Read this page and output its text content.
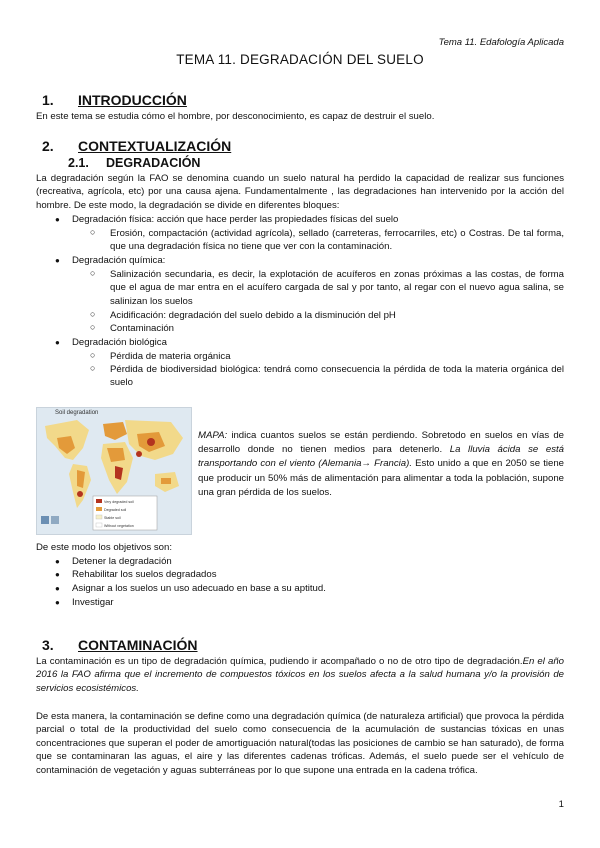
Tema 11. Edafología Aplicada
TEMA 11. DEGRADACIÓN DEL SUELO
1. INTRODUCCIÓN
En este tema se estudia cómo el hombre, por desconocimiento, es capaz de destruir el suelo.
2. CONTEXTUALIZACIÓN
2.1. DEGRADACIÓN
La degradación según la FAO se denomina cuando un suelo natural ha perdido la capacidad de realizar sus funciones (recreativa, agrícola, etc) por una causa ajena. Fundamentalmente , las degradaciones han intervenido por la acción del hombre. De este modo, la degradación se divide en diferentes bloques:
● Degradación física: acción que hace perder las propiedades físicas del suelo
○ Erosión, compactación (actividad agrícola), sellado (carreteras, ferrocarriles, etc) o Costras. De tal forma, que una degradación física no tiene que ver con la contaminación.
● Degradación química:
○ Salinización secundaria, es decir, la explotación de acuíferos en zonas próximas a las costas, de forma que el agua de mar entra en el acuífero cargada de sal y por tanto, al regar con el nuevo agua salina, se salinizan los suelos
○ Acidificación: degradación del suelo debido a la disminución del pH
○ Contaminación
● Degradación biológica
○ Pérdida de materia orgánica
○ Pérdida de biodiversidad biológica: tendrá como consecuencia la pérdida de toda la materia orgánica del suelo
Very degraded soil
Degraded soil
Stable soil
Without vegetation
Soil degradation
MAPA: indica cuantos suelos se están perdiendo. Sobretodo en suelos en vías de desarrollo donde no tienen medios para detenerlo. La lluvia ácida se está transportando con el viento (Alemania→ Francia). Esto unido a que en 2050 se tiene que producir un 50% más de alimentación para alimentar a toda la población, supone una gran pérdida de los suelos.
De este modo los objetivos son:
● Detener la degradación
● Rehabilitar los suelos degradados
● Asignar a los suelos un uso adecuado en base a su aptitud.
● Investigar
3. CONTAMINACIÓN
La contaminación es un tipo de degradación química, pudiendo ir acompañado o no de otro tipo de degradación.En el año 2016 la FAO afirma que el incremento de compuestos tóxicos en los suelos afecta a la salud humana y/o la provisión de servicios ecosistémicos.
De esta manera, la contaminación se define como una degradación química (de naturaleza artificial) que provoca la pérdida parcial o total de la productividad del suelo como consecuencia de la acumulación de sustancias tóxicas en unas concentraciones que superan el poder de amortiguación natural(todas las posiciones de cambio se han saturado), de forma que se contaminaran las aguas, el aire y las diferentes cadenas tróficas. Además, el suelo puede ser el vehículo de contaminación de vegetación y aguas subterráneas por lo que supone una entrada en la cadena trófica.
1
